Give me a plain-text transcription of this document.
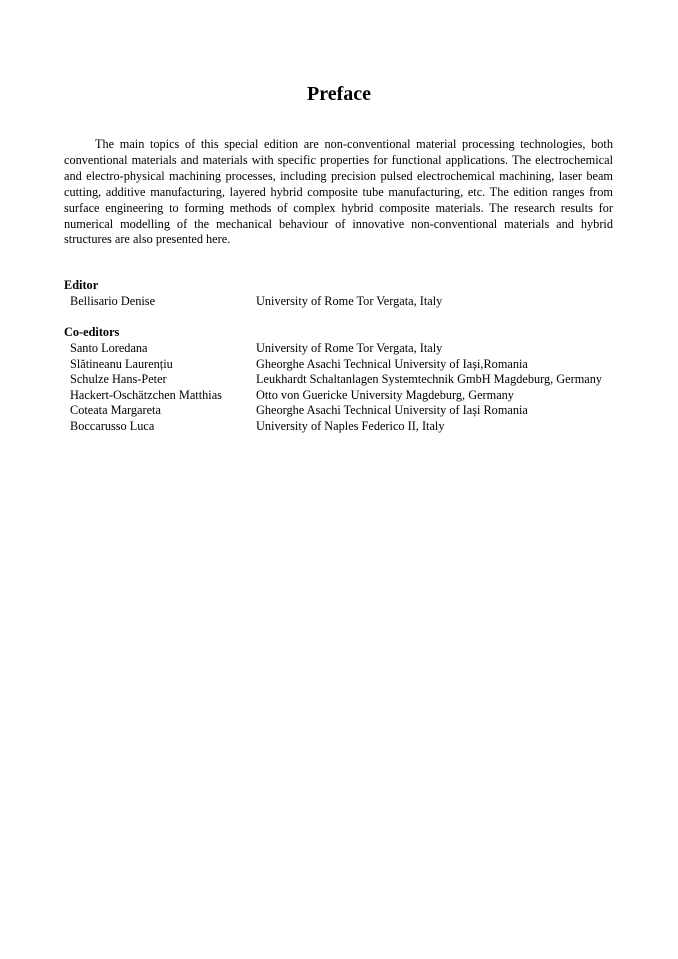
Preface

The main topics of this special edition are non-conventional material processing technologies, both conventional materials and materials with specific properties for functional applications. The electrochemical and electro-physical machining processes, including precision pulsed electrochemical machining, laser beam cutting, additive manufacturing, layered hybrid composite tube manufacturing, etc. The edition ranges from surface engineering to forming methods of complex hybrid composite materials. The research results for numerical modelling of the mechanical behaviour of innovative non-conventional materials and hybrid structures are also presented here.

Editor
Bellisario Denise	University of Rome Tor Vergata, Italy
Co-editors
Santo Loredana	University of Rome Tor Vergata, Italy
Slătineanu Laurențiu	Gheorghe Asachi Technical University of Iași,Romania
Schulze Hans-Peter	Leukhardt Schaltanlagen Systemtechnik GmbH Magdeburg, Germany
Hackert-Oschätzchen Matthias	Otto von Guericke University Magdeburg, Germany
Coteata Margareta	Gheorghe Asachi Technical University of Iași Romania
Boccarusso Luca	University of Naples Federico II, Italy
